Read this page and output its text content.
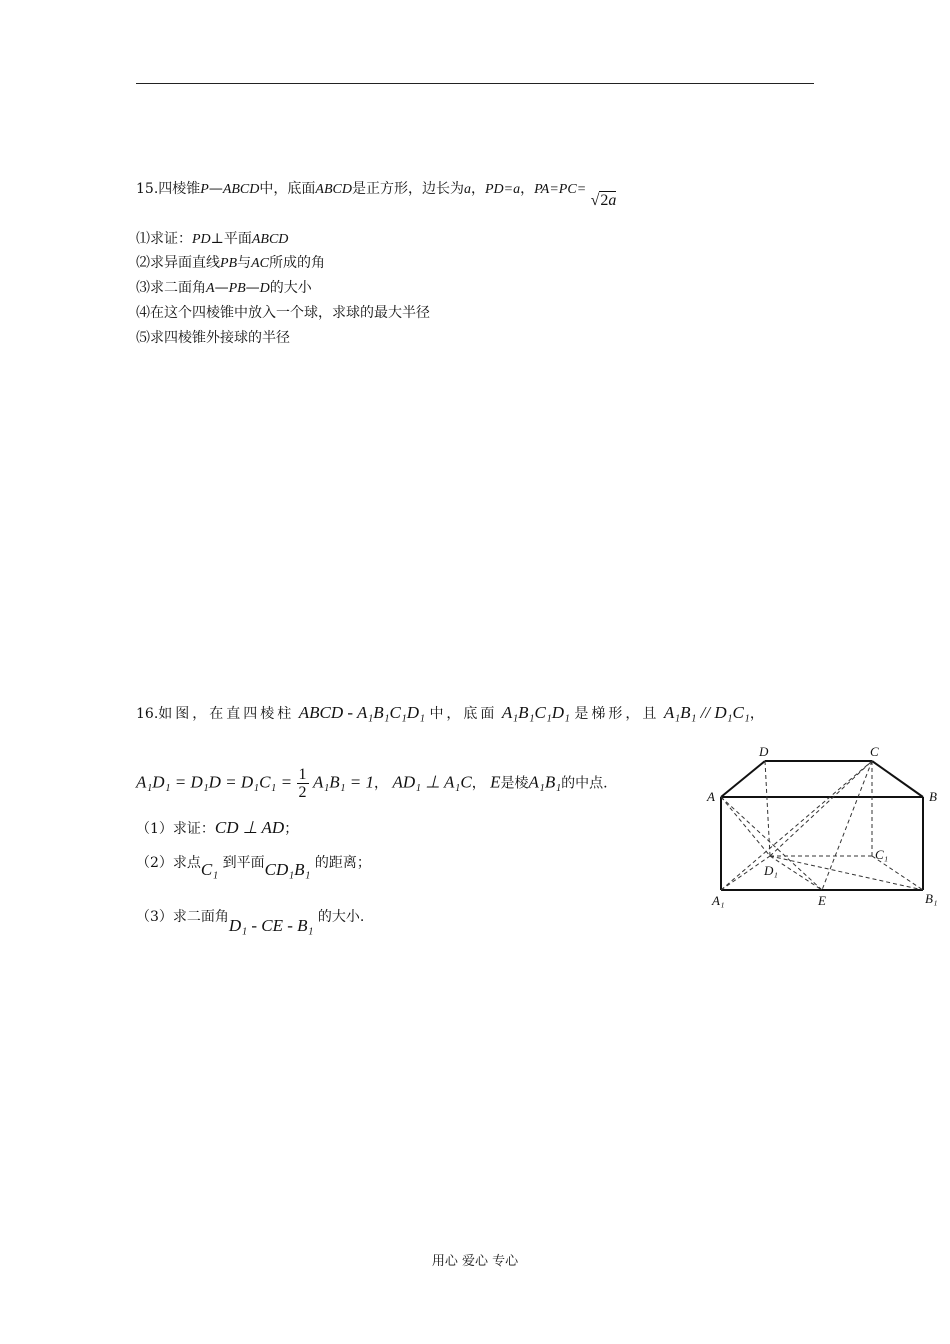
15.四棱锥P—ABCD中，底面ABCD是正方形，边长为a，PD=a，PA=PC= √2a
⑴求证：PD⊥平面ABCD
⑵求异面直线PB与AC所成的角
⑶求二面角A—PB—D的大小
⑷在这个四棱锥中放入一个球，求球的最大半径
⑸求四棱锥外接球的半径
16.如图，在直四棱柱 ABCD - A₁B₁C₁D₁ 中，底面 A₁B₁C₁D₁ 是梯形，且 A₁B₁ // D₁C₁，
$A_1D_1 = D_1D = D_1C_1 = \frac{1}{2} A_1B_1 = 1$， AD₁ ⊥ A₁C， E是棱A₁B₁的中点.
（1）求证：CD ⊥ AD；
（2）求点C₁ 到平面CD₁B₁ 的距离；
（3）求二面角D₁ - CE - B₁ 的大小.
D	C
A	B
C₁
D₁
A₁	E	B₁
用心 爱心 专心
